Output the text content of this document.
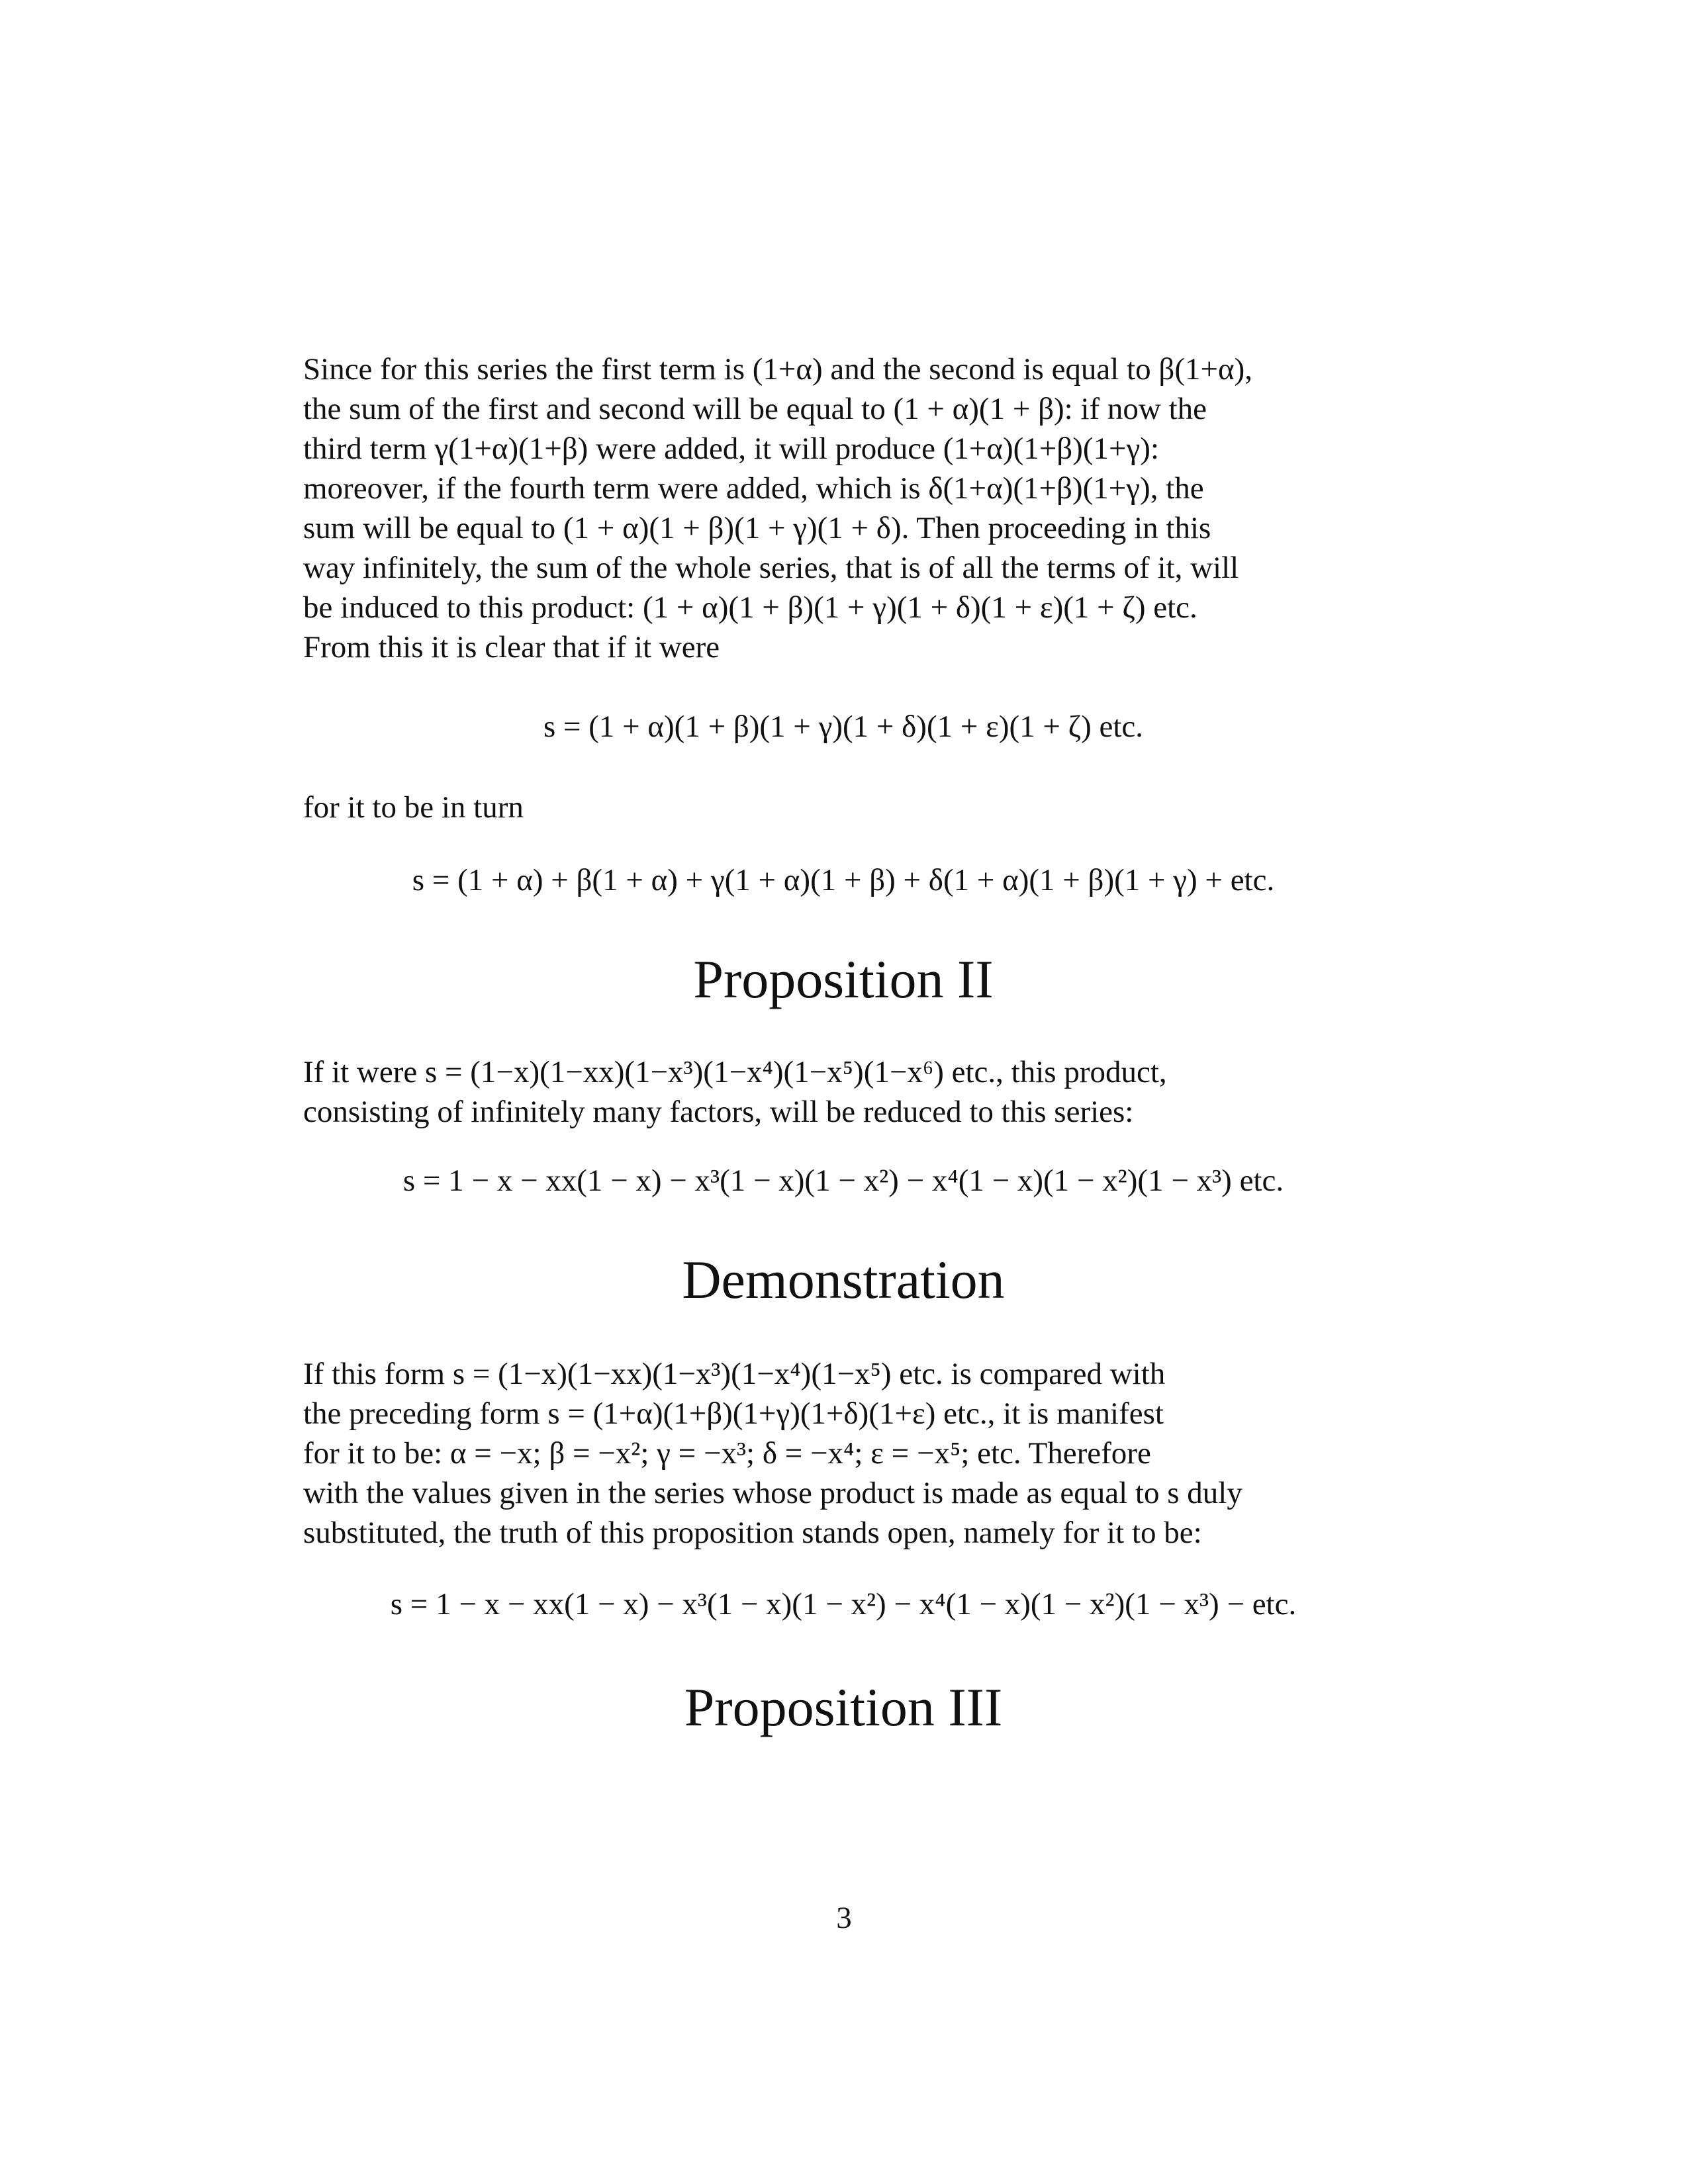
Since for this series the first term is (1+α) and the second is equal to β(1+α),
the sum of the first and second will be equal to (1 + α)(1 + β): if now the
third term γ(1+α)(1+β) were added, it will produce (1+α)(1+β)(1+γ):
moreover, if the fourth term were added, which is δ(1+α)(1+β)(1+γ), the
sum will be equal to (1 + α)(1 + β)(1 + γ)(1 + δ). Then proceeding in this
way infinitely, the sum of the whole series, that is of all the terms of it, will
be induced to this product: (1 + α)(1 + β)(1 + γ)(1 + δ)(1 + ε)(1 + ζ) etc.
From this it is clear that if it were
s = (1 + α)(1 + β)(1 + γ)(1 + δ)(1 + ε)(1 + ζ) etc.
for it to be in turn
s = (1 + α) + β(1 + α) + γ(1 + α)(1 + β) + δ(1 + α)(1 + β)(1 + γ) + etc.
Proposition II
If it were s = (1−x)(1−xx)(1−x³)(1−x⁴)(1−x⁵)(1−x⁶) etc., this product,
consisting of infinitely many factors, will be reduced to this series:
s = 1 − x − xx(1 − x) − x³(1 − x)(1 − x²) − x⁴(1 − x)(1 − x²)(1 − x³) etc.
Demonstration
If this form s = (1−x)(1−xx)(1−x³)(1−x⁴)(1−x⁵) etc. is compared with
the preceding form s = (1+α)(1+β)(1+γ)(1+δ)(1+ε) etc., it is manifest
for it to be: α = −x; β = −x²; γ = −x³; δ = −x⁴; ε = −x⁵; etc. Therefore
with the values given in the series whose product is made as equal to s duly
substituted, the truth of this proposition stands open, namely for it to be:
s = 1 − x − xx(1 − x) − x³(1 − x)(1 − x²) − x⁴(1 − x)(1 − x²)(1 − x³) − etc.
Proposition III
3
